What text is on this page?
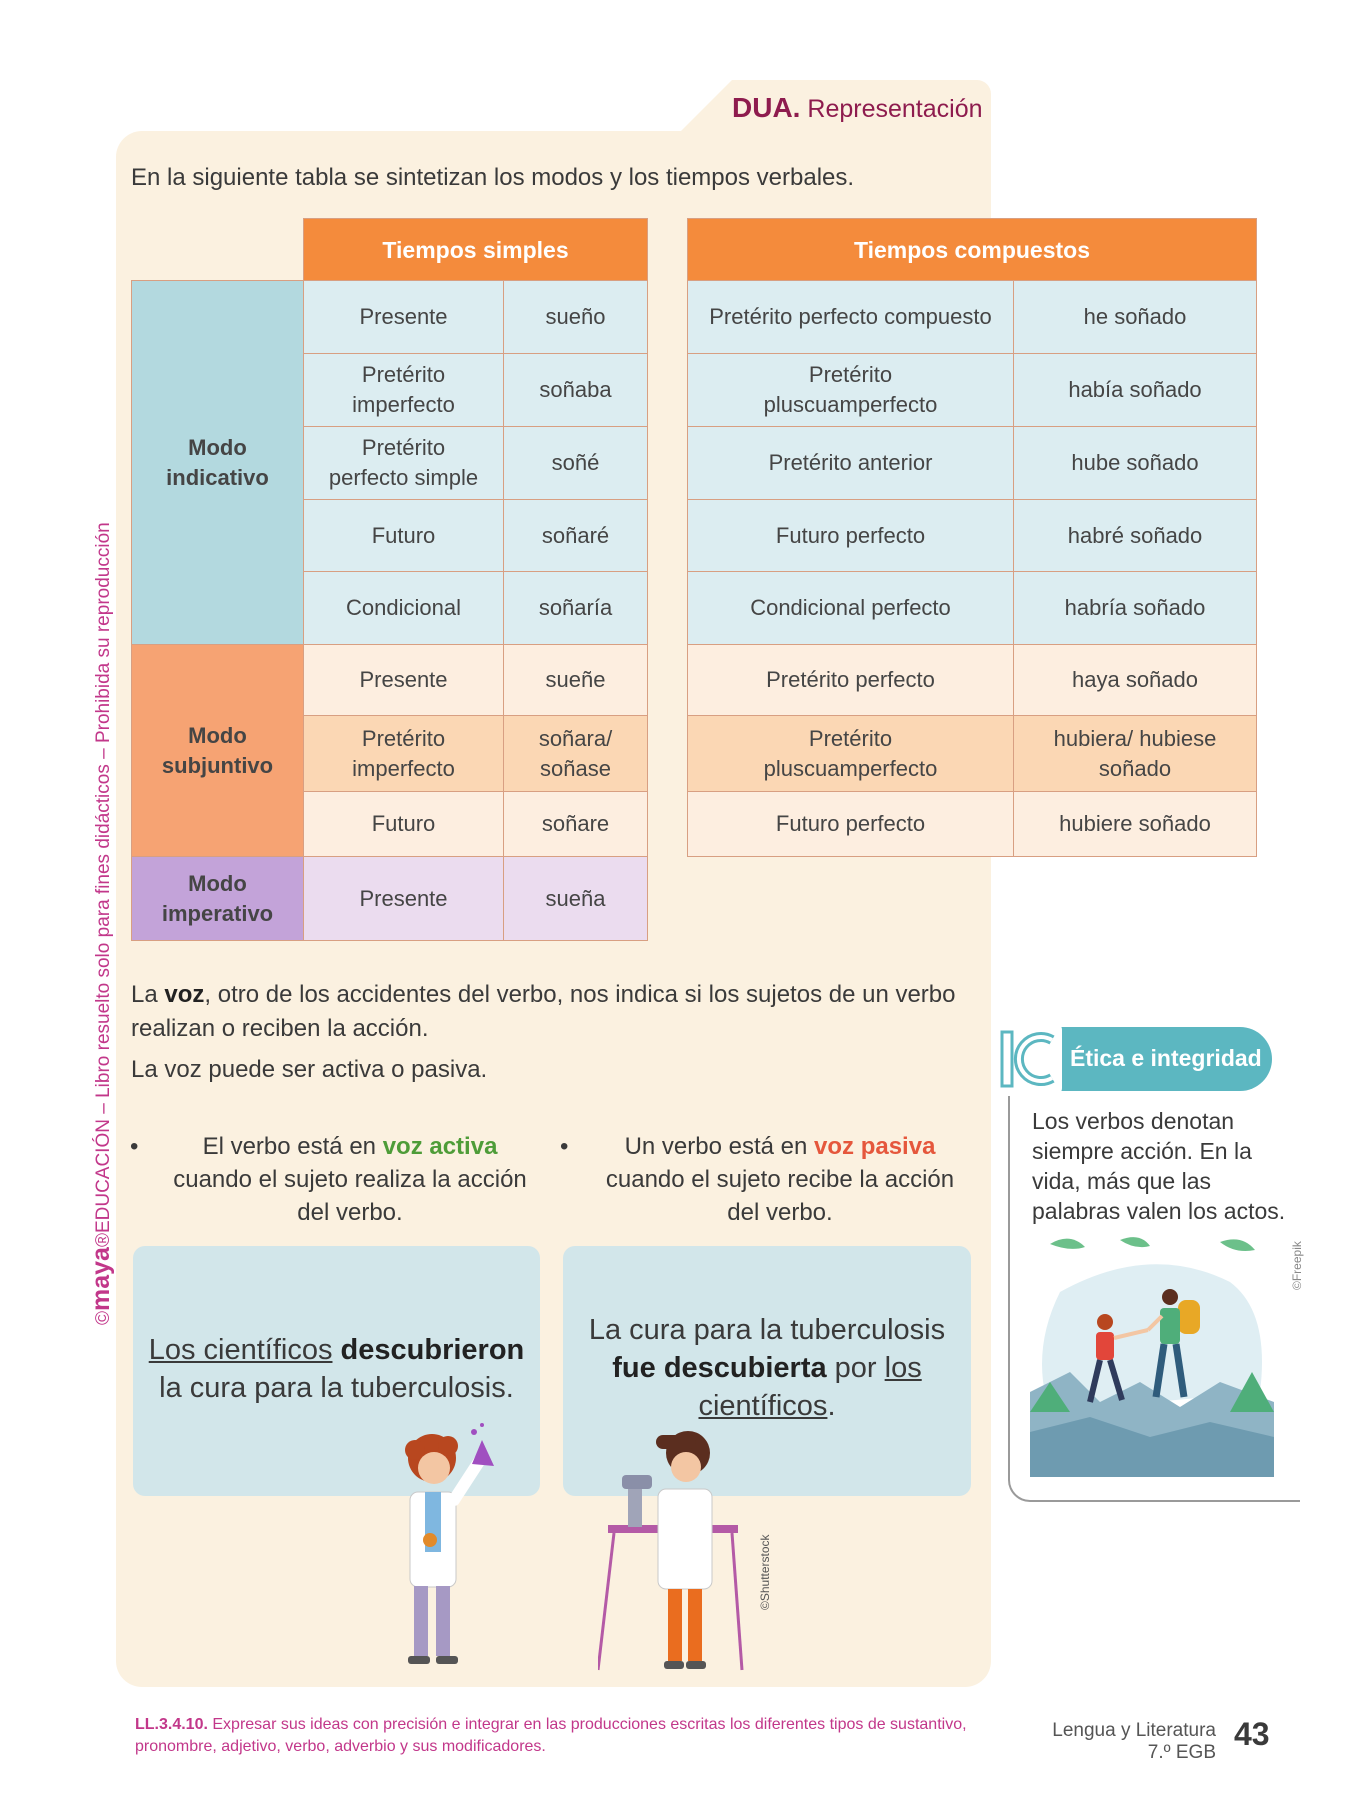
DUA. Representación
©maya®EDUCACIÓN – Libro resuelto solo para fines didácticos – Prohibida su reproducción
En la siguiente tabla se sintetizan los modos y los tiempos verbales.
	Tiempos simples	
Modo indicativo	Presente	sueño
	Pretérito imperfecto	soñaba
	Pretérito perfecto simple	soñé
	Futuro	soñaré
	Condicional	soñaría
Modo subjuntivo	Presente	sueñe
	Pretérito imperfecto	soñara/ soñase
	Futuro	soñare
Modo imperativo	Presente	sueña
Tiempos compuestos	
Pretérito perfecto compuesto	he soñado
Pretérito pluscuamperfecto	había soñado
Pretérito anterior	hube soñado
Futuro perfecto	habré soñado
Condicional perfecto	habría soñado
Pretérito perfecto	haya soñado
Pretérito pluscuamperfecto	hubiera/ hubiese soñado
Futuro perfecto	hubiere soñado
La voz, otro de los accidentes del verbo, nos indica si los sujetos de un verbo realizan o reciben la acción.
La voz puede ser activa o pasiva.
•	El verbo está en voz activa cuando el sujeto realiza la acción del verbo.
• Un verbo está en voz pasiva cuando el sujeto recibe la acción del verbo.
Los científicos descubrieron
la cura para la tuberculosis.
La cura para la tuberculosis
fue descubierta por los científicos.
©Shutterstock
IC
Ética e integridad
Los verbos denotan siempre acción. En la vida, más que las palabras valen los actos.
©Freepik
LL.3.4.10. Expresar sus ideas con precisión e integrar en las producciones escritas los diferentes tipos de sustantivo, pronombre, adjetivo, verbo, adverbio y sus modificadores.
Lengua y Literatura
7.º EGB
43
